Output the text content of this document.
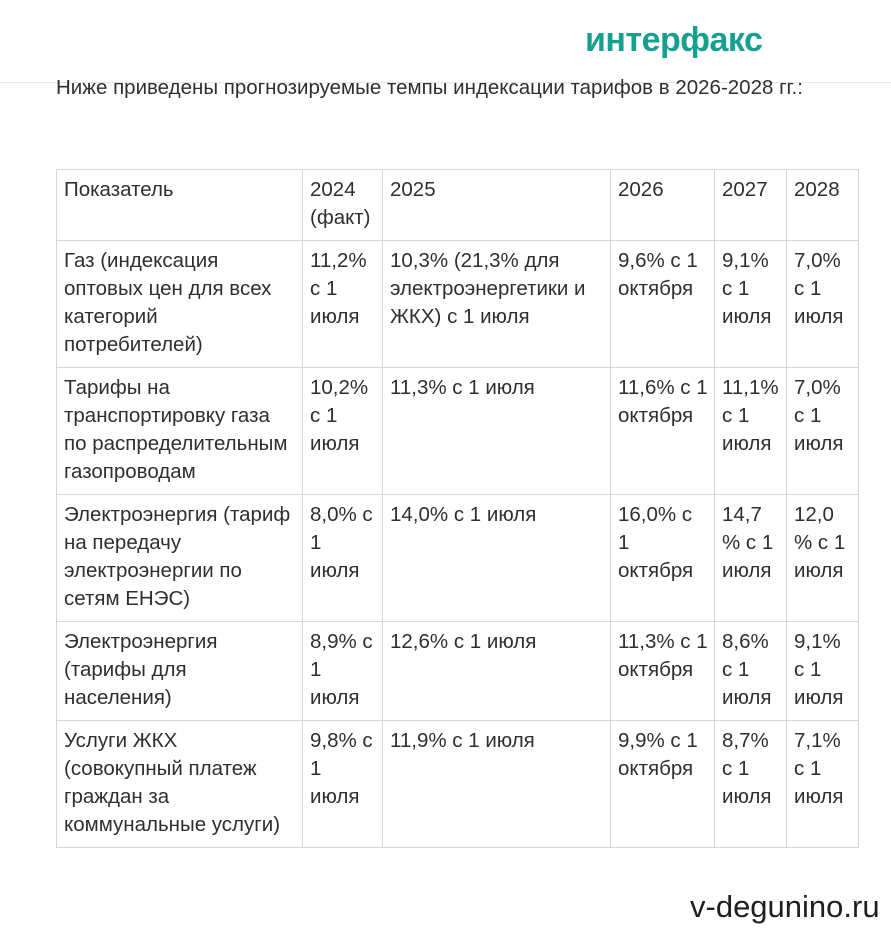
интерфакс

Ниже приведены прогнозируемые темпы индексации тарифов в 2026-2028 гг.:

Показатель	2024 (факт)	2025	2026	2027	2028
Газ (индексация оптовых цен для всех категорий потребителей)	11,2% с 1 июля	10,3% (21,3% для электроэнергетики и ЖКХ) с 1 июля	9,6% с 1 октября	9,1% с 1 июля	7,0% с 1 июля
Тарифы на транспортировку газа по распределительным газопроводам	10,2% с 1 июля	11,3% с 1 июля	11,6% с 1 октября	11,1% с 1 июля	7,0% с 1 июля
Электроэнергия (тариф на передачу электроэнергии по сетям ЕНЭС)	8,0% с 1 июля	14,0% с 1 июля	16,0% с 1 октября	14,7% с 1 июля	12,0% с 1 июля
Электроэнергия (тарифы для населения)	8,9% с 1 июля	12,6% с 1 июля	11,3% с 1 октября	8,6% с 1 июля	9,1% с 1 июля
Услуги ЖКХ (совокупный платеж граждан за коммунальные услуги)	9,8% с 1 июля	11,9% с 1 июля	9,9% с 1 октября	8,7% с 1 июля	7,1% с 1 июля
v-degunino.ru
